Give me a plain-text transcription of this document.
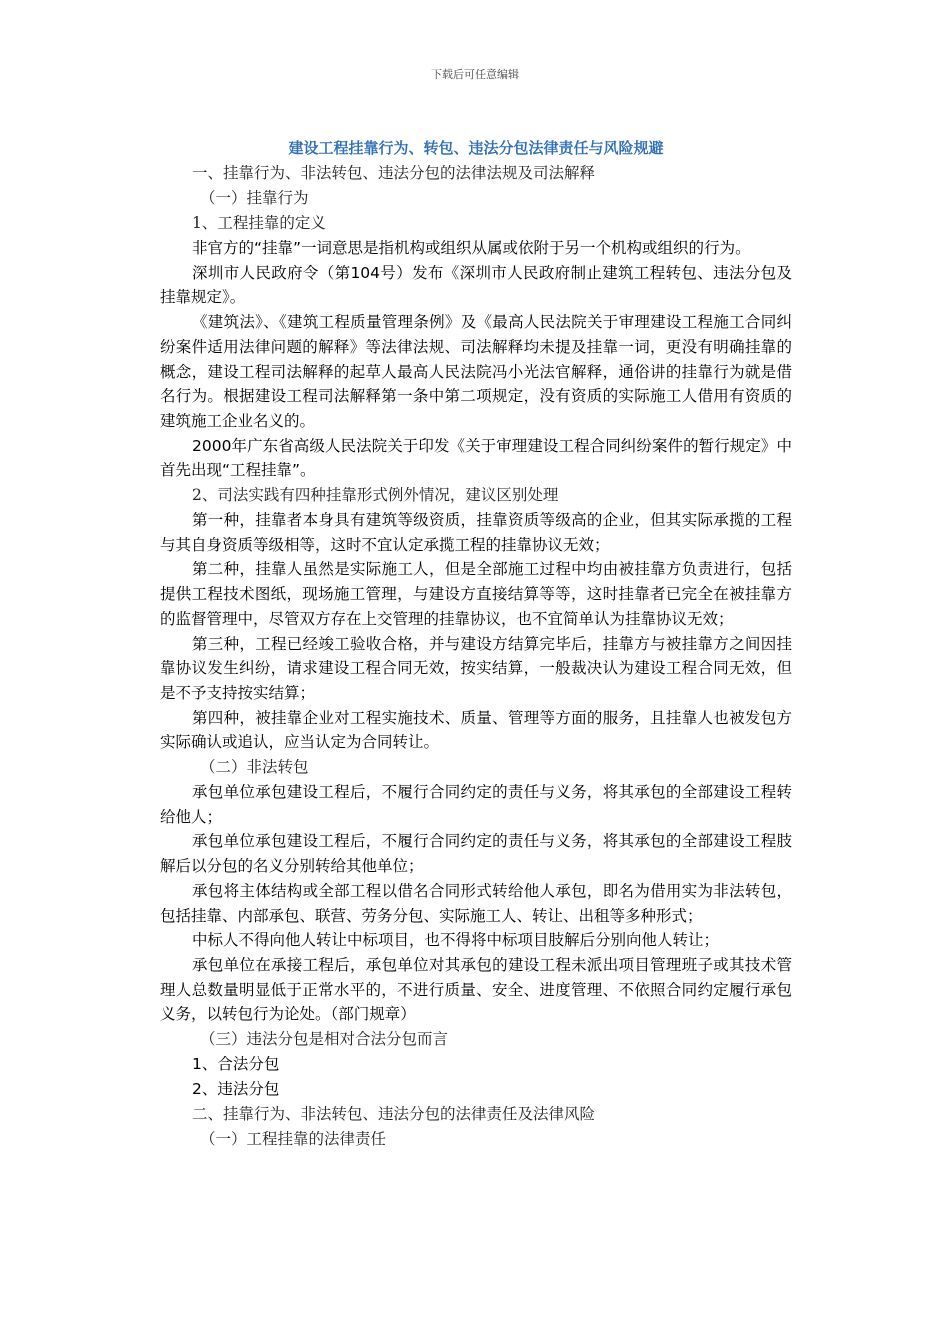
下载后可任意编辑

建设工程挂靠行为、转包、违法分包法律责任与风险规避

一、挂靠行为、非法转包、违法分包的法律法规及司法解释

（一）挂靠行为

1、工程挂靠的定义

非官方的“挂靠”一词意思是指机构或组织从属或依附于另一个机构或组织的行为。

深圳市人民政府令（第104号）发布《深圳市人民政府制止建筑工程转包、违法分包及挂靠规定》。

《建筑法》、《建筑工程质量管理条例》及《最高人民法院关于审理建设工程施工合同纠纷案件适用法律问题的解释》等法律法规、司法解释均未提及挂靠一词，更没有明确挂靠的概念，建设工程司法解释的起草人最高人民法院冯小光法官解释，通俗讲的挂靠行为就是借名行为。根据建设工程司法解释第一条中第二项规定，没有资质的实际施工人借用有资质的建筑施工企业名义的。

2000年广东省高级人民法院关于印发《关于审理建设工程合同纠纷案件的暂行规定》中首先出现“工程挂靠”。

2、司法实践有四种挂靠形式例外情况，建议区别处理

第一种，挂靠者本身具有建筑等级资质，挂靠资质等级高的企业，但其实际承揽的工程与其自身资质等级相等，这时不宜认定承揽工程的挂靠协议无效；

第二种，挂靠人虽然是实际施工人，但是全部施工过程中均由被挂靠方负责进行，包括提供工程技术图纸，现场施工管理，与建设方直接结算等等，这时挂靠者已完全在被挂靠方的监督管理中，尽管双方存在上交管理的挂靠协议，也不宜简单认为挂靠协议无效；

第三种，工程已经竣工验收合格，并与建设方结算完毕后，挂靠方与被挂靠方之间因挂靠协议发生纠纷，请求建设工程合同无效，按实结算，一般裁决认为建设工程合同无效，但是不予支持按实结算；

第四种，被挂靠企业对工程实施技术、质量、管理等方面的服务，且挂靠人也被发包方实际确认或追认，应当认定为合同转让。

（二）非法转包

承包单位承包建设工程后，不履行合同约定的责任与义务，将其承包的全部建设工程转给他人；

承包单位承包建设工程后，不履行合同约定的责任与义务，将其承包的全部建设工程肢解后以分包的名义分别转给其他单位；

承包将主体结构或全部工程以借名合同形式转给他人承包，即名为借用实为非法转包，包括挂靠、内部承包、联营、劳务分包、实际施工人、转让、出租等多种形式；

中标人不得向他人转让中标项目，也不得将中标项目肢解后分别向他人转让；

承包单位在承接工程后，承包单位对其承包的建设工程未派出项目管理班子或其技术管理人总数量明显低于正常水平的，不进行质量、安全、进度管理、不依照合同约定履行承包义务，以转包行为论处。（部门规章）

（三）违法分包是相对合法分包而言

1、合法分包

2、违法分包

二、挂靠行为、非法转包、违法分包的法律责任及法律风险

（一）工程挂靠的法律责任
